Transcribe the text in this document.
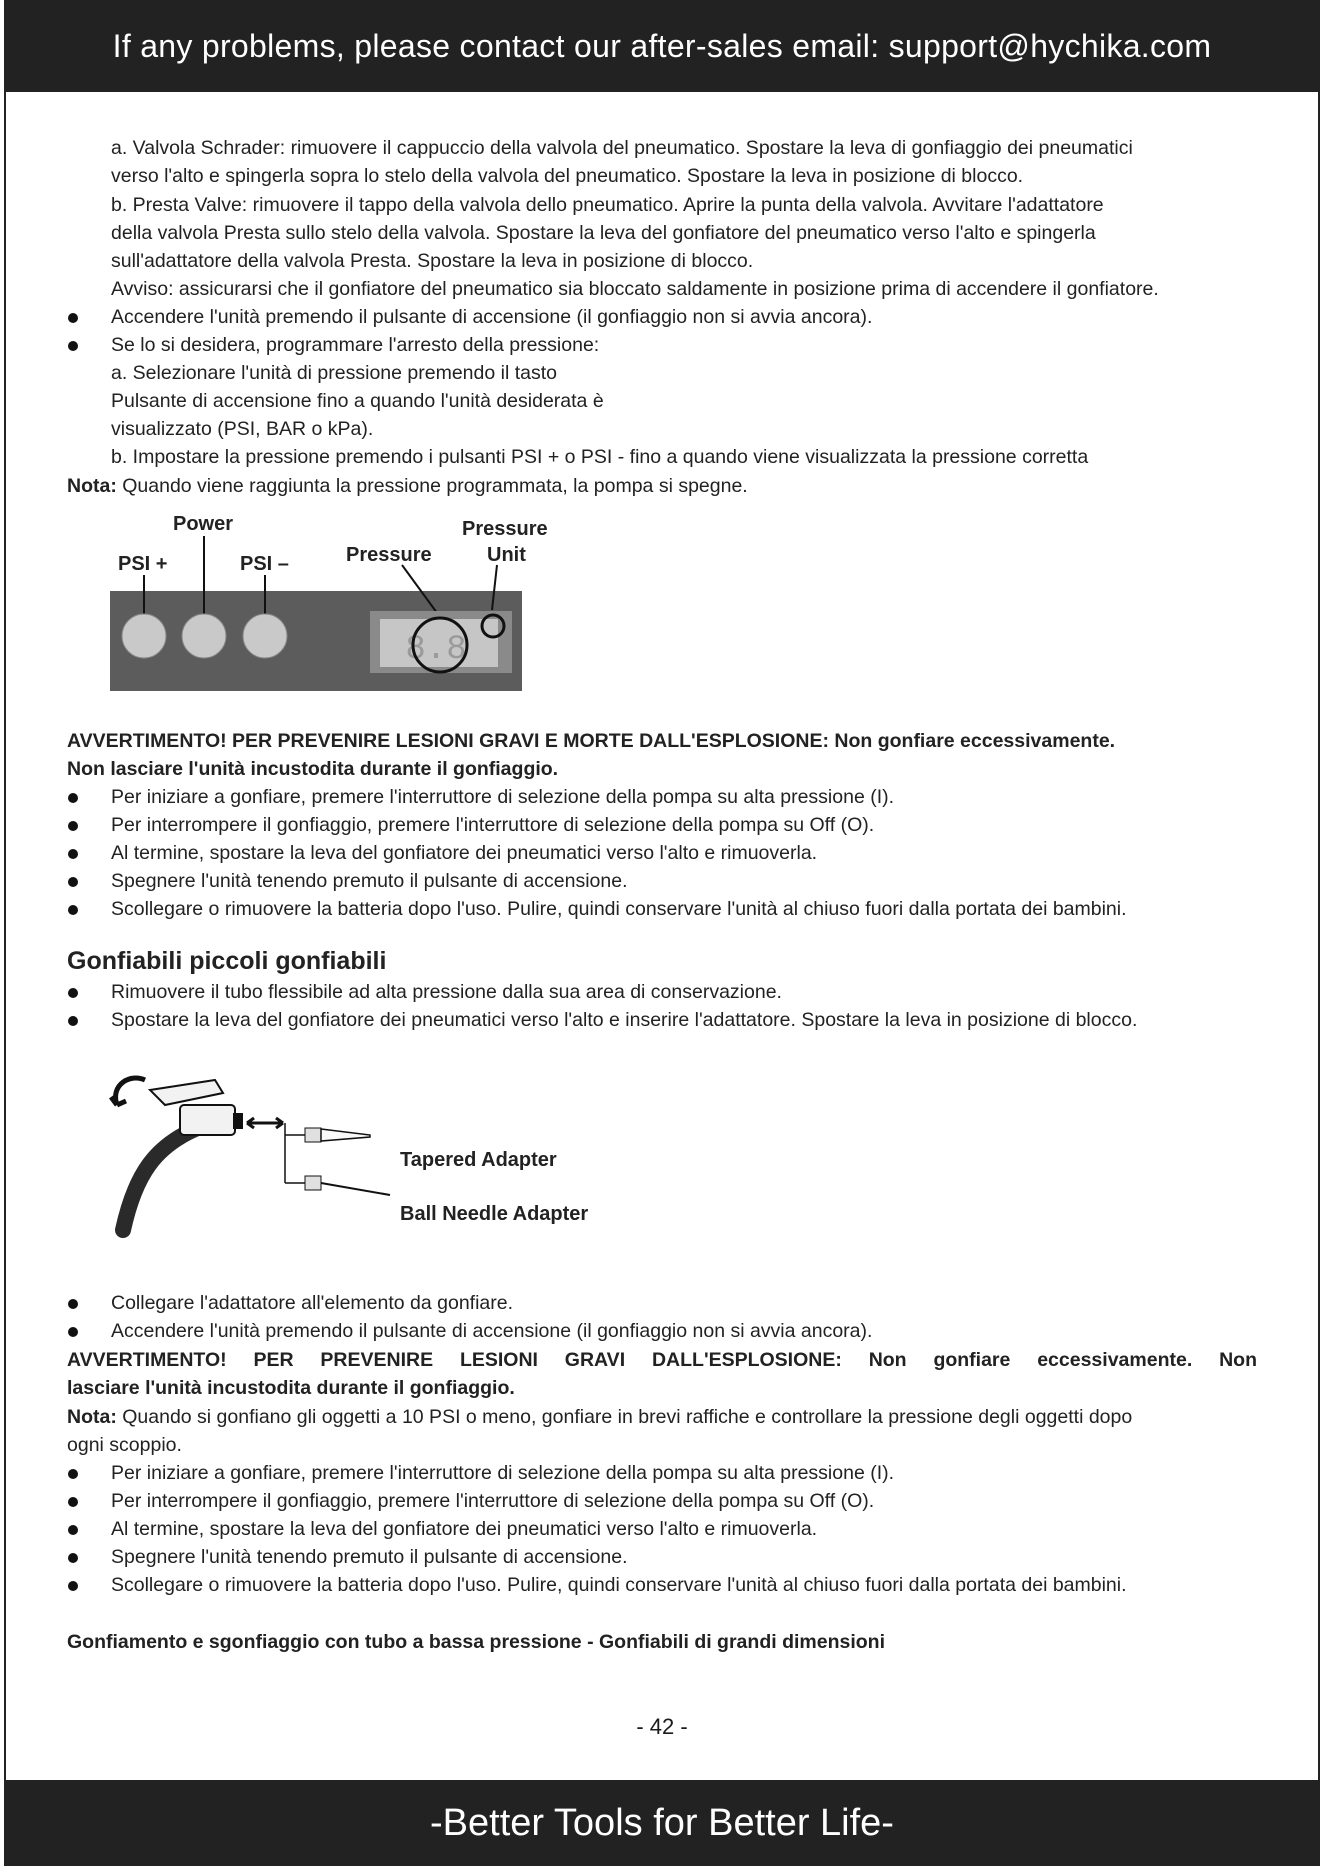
If any problems, please contact our after-sales email: support@hychika.com
a. Valvola Schrader: rimuovere il cappuccio della valvola del pneumatico. Spostare la leva di gonfiaggio dei pneumatici
verso l'alto e spingerla sopra lo stelo della valvola del pneumatico. Spostare la leva in posizione di blocco.
b. Presta Valve: rimuovere il tappo della valvola dello pneumatico. Aprire la punta della valvola. Avvitare l'adattatore
della valvola Presta sullo stelo della valvola. Spostare la leva del gonfiatore del pneumatico verso l'alto e spingerla
sull'adattatore della valvola Presta. Spostare la leva in posizione di blocco.
Avviso: assicurarsi che il gonfiatore del pneumatico sia bloccato saldamente in posizione prima di accendere il gonfiatore.
Accendere l'unità premendo il pulsante di accensione (il gonfiaggio non si avvia ancora).
Se lo si desidera, programmare l'arresto della pressione:
a. Selezionare l'unità di pressione premendo il tasto
Pulsante di accensione fino a quando l'unità desiderata è
visualizzato (PSI, BAR o kPa).
b. Impostare la pressione premendo i pulsanti PSI + o PSI - fino a quando viene visualizzata la pressione corretta
Nota: Quando viene raggiunta la pressione programmata, la pompa si spegne.
Power
PSI +	PSI –	Pressure
Pressure
Unit
8.8
AVVERTIMENTO! PER PREVENIRE LESIONI GRAVI E MORTE DALL'ESPLOSIONE: Non gonfiare eccessivamente.
Non lasciare l'unità incustodita durante il gonfiaggio.
Per iniziare a gonfiare, premere l'interruttore di selezione della pompa su alta pressione (I).
Per interrompere il gonfiaggio, premere l'interruttore di selezione della pompa su Off (O).
Al termine, spostare la leva del gonfiatore dei pneumatici verso l'alto e rimuoverla.
Spegnere l'unità tenendo premuto il pulsante di accensione.
Scollegare o rimuovere la batteria dopo l'uso. Pulire, quindi conservare l'unità al chiuso fuori dalla portata dei bambini.
Gonfiabili piccoli gonfiabili
Rimuovere il tubo flessibile ad alta pressione dalla sua area di conservazione.
Spostare la leva del gonfiatore dei pneumatici verso l'alto e inserire l'adattatore. Spostare la leva in posizione di blocco.
Tapered Adapter
Ball Needle Adapter
Collegare l'adattatore all'elemento da gonfiare.
Accendere l'unità premendo il pulsante di accensione (il gonfiaggio non si avvia ancora).
AVVERTIMENTO! PER PREVENIRE LESIONI GRAVI DALL'ESPLOSIONE: Non gonfiare eccessivamente. Non
lasciare l'unità incustodita durante il gonfiaggio.
Nota: Quando si gonfiano gli oggetti a 10 PSI o meno, gonfiare in brevi raffiche e controllare la pressione degli oggetti dopo
ogni scoppio.
Per iniziare a gonfiare, premere l'interruttore di selezione della pompa su alta pressione (I).
Per interrompere il gonfiaggio, premere l'interruttore di selezione della pompa su Off (O).
Al termine, spostare la leva del gonfiatore dei pneumatici verso l'alto e rimuoverla.
Spegnere l'unità tenendo premuto il pulsante di accensione.
Scollegare o rimuovere la batteria dopo l'uso. Pulire, quindi conservare l'unità al chiuso fuori dalla portata dei bambini.
Gonfiamento e sgonfiaggio con tubo a bassa pressione - Gonfiabili di grandi dimensioni
- 42 -
-Better Tools for Better Life-
